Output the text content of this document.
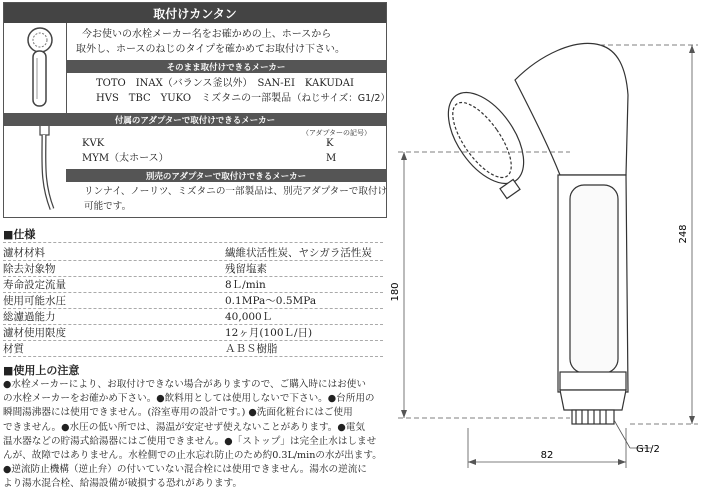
取付けカンタン
今お使いの水栓メーカー名をお確かめの上、ホースから
取外し、ホースのねじのタイプを確かめてお取付け下さい。
そのまま取付けできるメーカー
TOTO　INAX（バランス釜以外）　SAN-EI　KAKUDAI
HVS　TBC　YUKO　ミズタニの一部製品 （ねじサイズ：G1/2）
付属のアダプターで取付けできるメーカー
（アダプターの記号）
KVK	K
MYM（太ホース）	M
別売のアダプターで取付けできるメーカー
リンナイ、ノーリツ、ミズタニの一部製品は、別売アダプターで取付け
可能です。
■仕様
濾材材料	繊維状活性炭、ヤシガラ活性炭
除去対象物	残留塩素
寿命設定流量	8Ｌ/min
使用可能水圧	0.1MPa～0.5MPa
総濾過能力	40,000Ｌ
濾材使用限度	12ヶ月(100Ｌ/日)
材質	ＡＢＳ樹脂
■使用上の注意
●水栓メーカーにより、お取付けできない場合がありますので、ご購入時にはお使い
の水栓メーカーをお確かめ下さい。●飲料用としては使用しないで下さい。●台所用の
瞬間湯沸器には使用できません。(浴室専用の設計です。) ●洗面化粧台にはご使用
できません。●水圧の低い所では、湯温が安定せず使えないことがあります。●電気
温水器などの貯湯式給湯器にはご使用できません。●「ストップ」は完全止水はしませ
んが、故障ではありません。水栓側での止水忘れ防止のため約0.3L/minの水が出ます。
●逆流防止機構（逆止弁）の付いていない混合栓には使用できません。湯水の逆流に
より湯水混合栓、給湯設備が破損する恐れがあります。
180
248
82
G1/2
